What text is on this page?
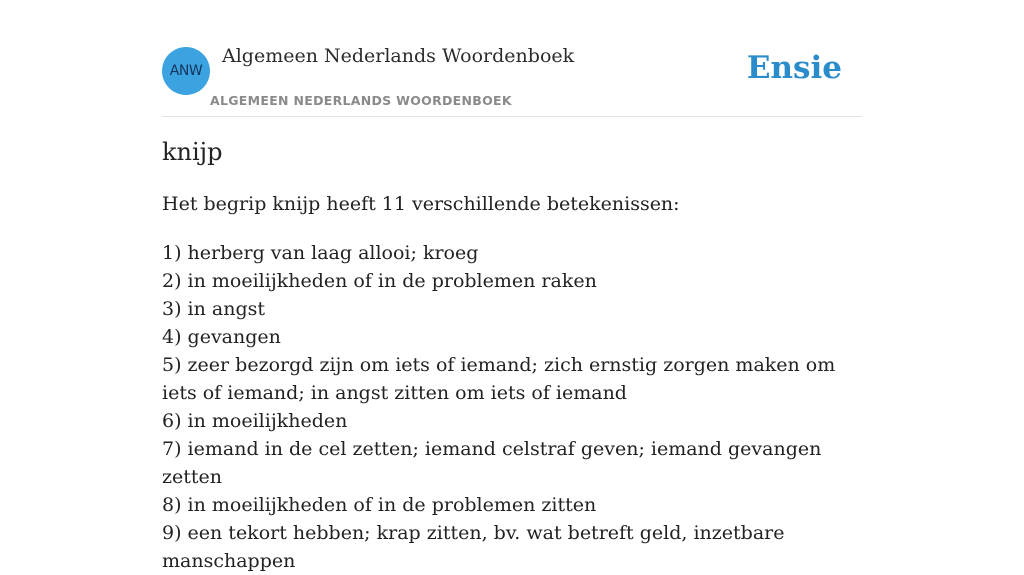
ANW
Algemeen Nederlands Woordenboek
ALGEMEEN NEDERLANDS WOORDENBOEK
Ensie
knijp

Het begrip knijp heeft 11 verschillende betekenissen:

1) herberg van laag allooi; kroeg
2) in moeilijkheden of in de problemen raken
3) in angst
4) gevangen
5) zeer bezorgd zijn om iets of iemand; zich ernstig zorgen maken om iets of iemand; in angst zitten om iets of iemand
6) in moeilijkheden
7) iemand in de cel zetten; iemand celstraf geven; iemand gevangen zetten
8) in moeilijkheden of in de problemen zitten
9) een tekort hebben; krap zitten, bv. wat betreft geld, inzetbare manschappen
